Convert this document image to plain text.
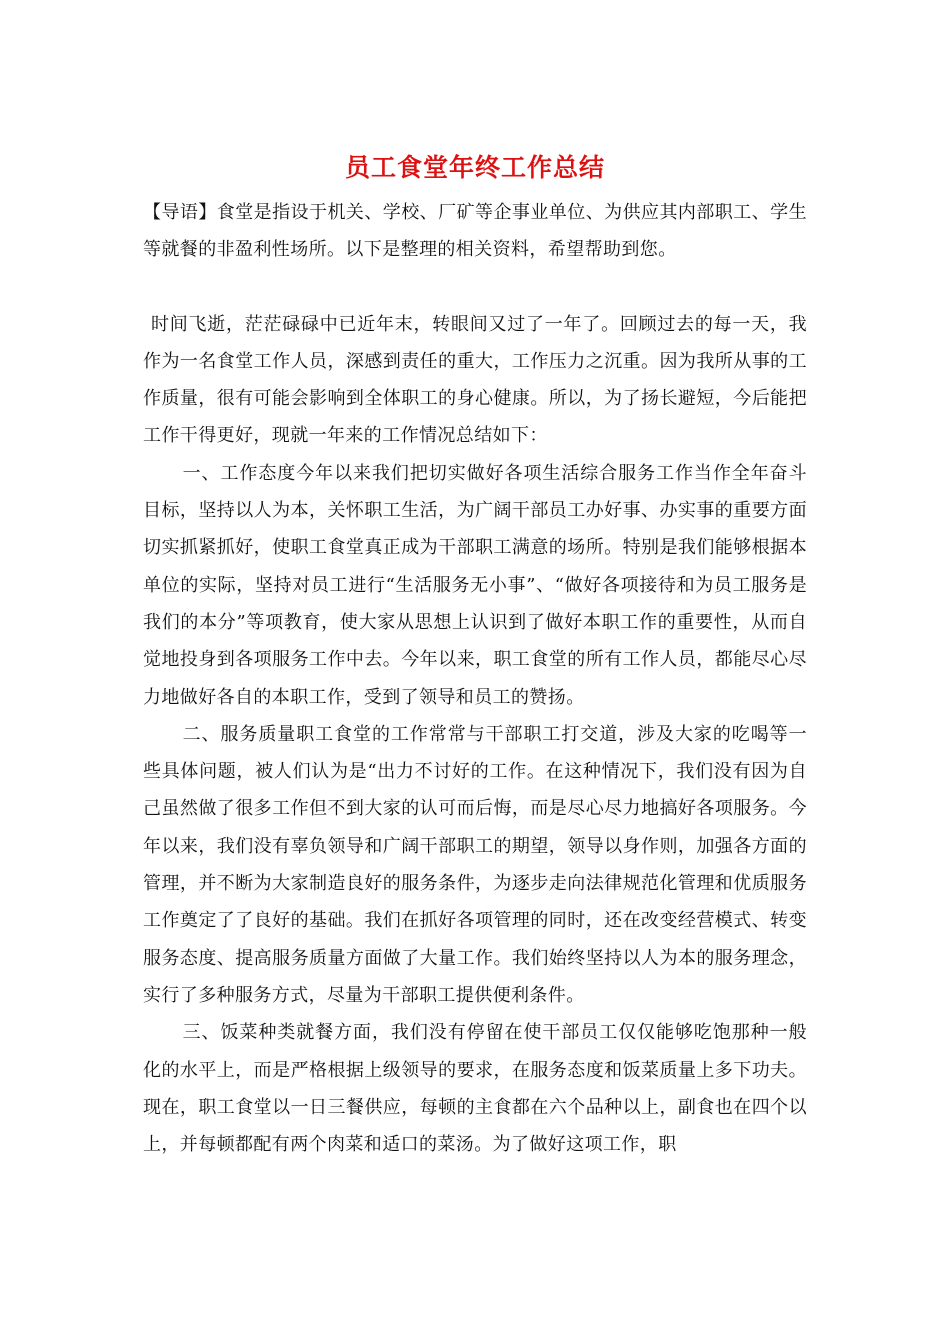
员工食堂年终工作总结

【导语】食堂是指设于机关、学校、厂矿等企事业单位、为供应其内部职工、学生等就餐的非盈利性场所。以下是整理的相关资料，希望帮助到您。

时间飞逝，茫茫碌碌中已近年末，转眼间又过了一年了。回顾过去的每一天，我作为一名食堂工作人员，深感到责任的重大，工作压力之沉重。因为我所从事的工作质量，很有可能会影响到全体职工的身心健康。所以，为了扬长避短，今后能把工作干得更好，现就一年来的工作情况总结如下：

一、工作态度今年以来我们把切实做好各项生活综合服务工作当作全年奋斗目标，坚持以人为本，关怀职工生活，为广阔干部员工办好事、办实事的重要方面切实抓紧抓好，使职工食堂真正成为干部职工满意的场所。特别是我们能够根据本单位的实际，坚持对员工进行“生活服务无小事”、“做好各项接待和为员工服务是我们的本分”等项教育，使大家从思想上认识到了做好本职工作的重要性，从而自觉地投身到各项服务工作中去。今年以来，职工食堂的所有工作人员，都能尽心尽力地做好各自的本职工作，受到了领导和员工的赞扬。

二、服务质量职工食堂的工作常常与干部职工打交道，涉及大家的吃喝等一些具体问题，被人们认为是“出力不讨好的工作。在这种情况下，我们没有因为自己虽然做了很多工作但不到大家的认可而后悔，而是尽心尽力地搞好各项服务。今年以来，我们没有辜负领导和广阔干部职工的期望，领导以身作则，加强各方面的管理，并不断为大家制造良好的服务条件，为逐步走向法律规范化管理和优质服务工作奠定了了良好的基础。我们在抓好各项管理的同时，还在改变经营模式、转变服务态度、提高服务质量方面做了大量工作。我们始终坚持以人为本的服务理念，实行了多种服务方式，尽量为干部职工提供便利条件。

三、饭菜种类就餐方面，我们没有停留在使干部员工仅仅能够吃饱那种一般化的水平上，而是严格根据上级领导的要求，在服务态度和饭菜质量上多下功夫。现在，职工食堂以一日三餐供应，每顿的主食都在六个品种以上，副食也在四个以上，并每顿都配有两个肉菜和适口的菜汤。为了做好这项工作，职
